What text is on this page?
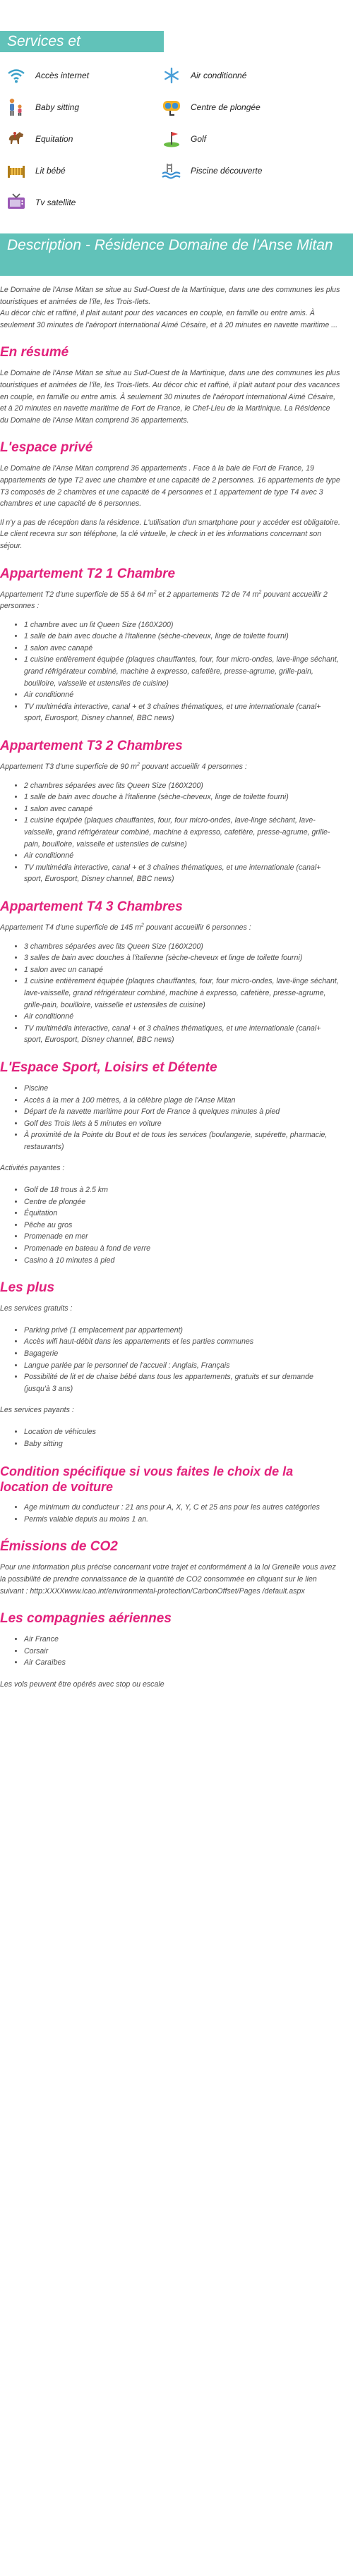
Services et équipements
Accès internet	Air conditionné
Baby sitting	Centre de plongée
Equitation	Golf
Lit bébé	Piscine découverte
Tv satellite
Description - Résidence Domaine de l'Anse Mitan

Le Domaine de l'Anse Mitan se situe au Sud-Ouest de la Martinique, dans une des communes les plus touristiques et animées de l'île, les Trois-Ilets.

Au décor chic et raffiné, il plait autant pour des vacances en couple, en famille ou entre amis. À seulement 30 minutes de l'aéroport international Aimé Césaire, et à 20 minutes en navette maritime ...

En résumé

Le Domaine de l'Anse Mitan se situe au Sud-Ouest de la Martinique, dans une des communes les plus touristiques et animées de l'île, les Trois-Ilets. Au décor chic et raffiné, il plait autant pour des vacances en couple, en famille ou entre amis. À seulement 30 minutes de l'aéroport international Aimé Césaire, et à 20 minutes en navette maritime de Fort de France, le Chef-Lieu de la Martinique. La Résidence du Domaine de l'Anse Mitan comprend 36 appartements.

L'espace privé

Le Domaine de l'Anse Mitan comprend 36 appartements . Face à la baie de Fort de France, 19 appartements de type T2 avec une chambre et une capacité de 2 personnes. 16 appartements de type T3 composés de 2 chambres et une capacité de 4 personnes et 1 appartement de type T4 avec 3 chambres et une capacité de 6 personnes.

Il n'y a pas de réception dans la résidence. L'utilisation d'un smartphone pour y accéder est obligatoire. Le client recevra sur son téléphone, la clé virtuelle, le check in et les informations concernant son séjour.

Appartement T2 1 Chambre

Appartement T2 d'une superficie de 55 à 64 $m^2$ et 2 appartements T2 de 74 $m^2$ pouvant accueillir 2 personnes :

• 1 chambre avec un lit Queen Size (160X200)
• 1 salle de bain avec douche à l'italienne (sèche-cheveux, linge de toilette fourni)
• 1 salon avec canapé
• 1 cuisine entièrement équipée (plaques chauffantes, four, four micro-ondes, lave-linge séchant, grand réfrigérateur combiné, machine à expresso, cafetière, presse-agrume, grille-pain, bouilloire, vaisselle et ustensiles de cuisine)
• Air conditionné
• TV multimédia interactive, canal + et 3 chaînes thématiques, et une internationale (canal+ sport, Eurosport, Disney channel, BBC news)
Appartement T3 2 Chambres

Appartement T3 d'une superficie de 90 $m^2$ pouvant accueillir 4 personnes :

• 2 chambres séparées avec lits Queen Size (160X200)
• 1 salle de bain avec douche à l'italienne (sèche-cheveux, linge de toilette fourni)
• 1 salon avec canapé
• 1 cuisine équipée (plaques chauffantes, four, four micro-ondes, lave-linge séchant, lave-vaisselle, grand réfrigérateur combiné, machine à expresso, cafetière, presse-agrume, grille-pain, bouilloire, vaisselle et ustensiles de cuisine)
• Air conditionné
• TV multimédia interactive, canal + et 3 chaînes thématiques, et une internationale (canal+ sport, Eurosport, Disney channel, BBC news)
Appartement T4 3 Chambres

Appartement T4 d'une superficie de 145 $m^2$ pouvant accueillir 6 personnes :

• 3 chambres séparées avec lits Queen Size (160X200)
• 3 salles de bain avec douches à l'italienne (sèche-cheveux et linge de toilette fourni)
• 1 salon avec un canapé
• 1 cuisine entièrement équipée (plaques chauffantes, four, four micro-ondes, lave-linge séchant, lave-vaisselle, grand réfrigérateur combiné, machine à expresso, cafetière, presse-agrume, grille-pain, bouilloire, vaisselle et ustensiles de cuisine)
• Air conditionné
• TV multimédia interactive, canal + et 3 chaînes thématiques, et une internationale (canal+ sport, Eurosport, Disney channel, BBC news)
L'Espace Sport, Loisirs et Détente
• Piscine
• Accès à la mer à 100 mètres, à la célèbre plage de l'Anse Mitan
• Départ de la navette maritime pour Fort de France à quelques minutes à pied
• Golf des Trois Ilets à 5 minutes en voiture
• À proximité de la Pointe du Bout et de tous les services (boulangerie, supérette, pharmacie, restaurants)

Activités payantes :

• Golf de 18 trous à 2.5 km
• Centre de plongée
• Équitation
• Pêche au gros
• Promenade en mer
• Promenade en bateau à fond de verre
• Casino à 10 minutes à pied
Les plus

Les services gratuits :

• Parking privé (1 emplacement par appartement)
• Accès wifi haut-débit dans les appartements et les parties communes
• Bagagerie
• Langue parlée par le personnel de l'accueil : Anglais, Français
• Possibilité de lit et de chaise bébé dans tous les appartements, gratuits et sur demande (jusqu'à 3 ans)

Les services payants :

• Location de véhicules
• Baby sitting
Condition spécifique si vous faites le choix de la location de voiture
• Age minimum du conducteur : 21 ans pour A, X, Y, C et 25 ans pour les autres catégories
• Permis valable depuis au moins 1 an.
Émissions de CO2

Pour une information plus précise concernant votre trajet et conformément à la loi Grenelle vous avez la possibilité de prendre connaissance de la quantité de CO2 consommée en cliquant sur le lien suivant : http:XXXXwww.icao.int/environmental-protection/CarbonOffset/Pages /default.aspx

Les compagnies aériennes
• Air France
• Corsair
• Air Caraïbes

Les vols peuvent être opérés avec stop ou escale
